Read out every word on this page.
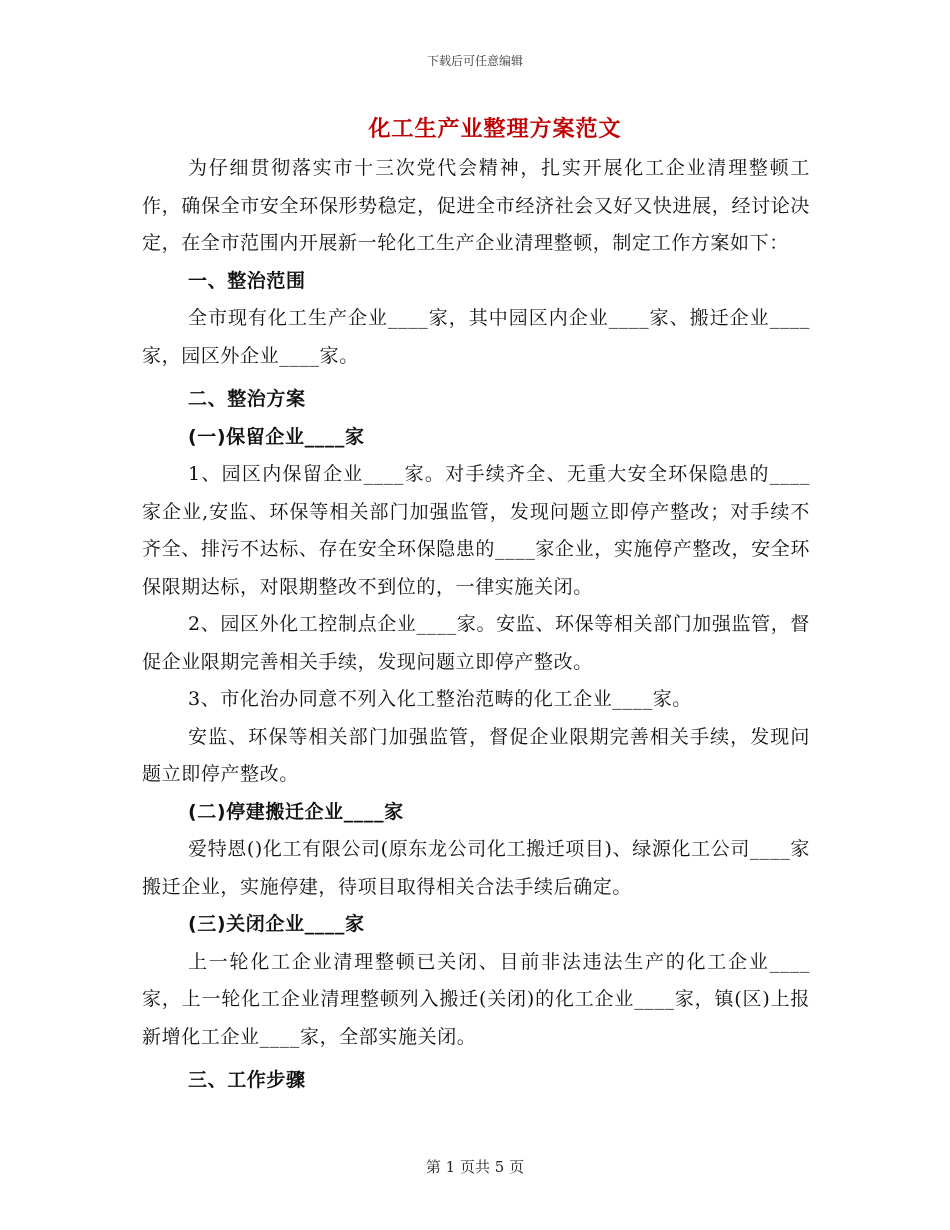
下载后可任意编辑
化工生产业整理方案范文

为仔细贯彻落实市十三次党代会精神，扎实开展化工企业清理整顿工作，确保全市安全环保形势稳定，促进全市经济社会又好又快进展，经讨论决定，在全市范围内开展新一轮化工生产企业清理整顿，制定工作方案如下：

一、整治范围

全市现有化工生产企业____家，其中园区内企业____家、搬迁企业____家，园区外企业____家。

二、整治方案

(一)保留企业____家

1、园区内保留企业____家。对手续齐全、无重大安全环保隐患的____家企业,安监、环保等相关部门加强监管，发现问题立即停产整改；对手续不齐全、排污不达标、存在安全环保隐患的____家企业，实施停产整改，安全环保限期达标，对限期整改不到位的，一律实施关闭。

2、园区外化工控制点企业____家。安监、环保等相关部门加强监管，督促企业限期完善相关手续，发现问题立即停产整改。

3、市化治办同意不列入化工整治范畴的化工企业____家。

安监、环保等相关部门加强监管，督促企业限期完善相关手续，发现问题立即停产整改。

(二)停建搬迁企业____家

爱特恩()化工有限公司(原东龙公司化工搬迁项目)、绿源化工公司____家搬迁企业，实施停建，待项目取得相关合法手续后确定。

(三)关闭企业____家

上一轮化工企业清理整顿已关闭、目前非法违法生产的化工企业____家，上一轮化工企业清理整顿列入搬迁(关闭)的化工企业____家，镇(区)上报新增化工企业____家，全部实施关闭。

三、工作步骤

第 1 页共 5 页
